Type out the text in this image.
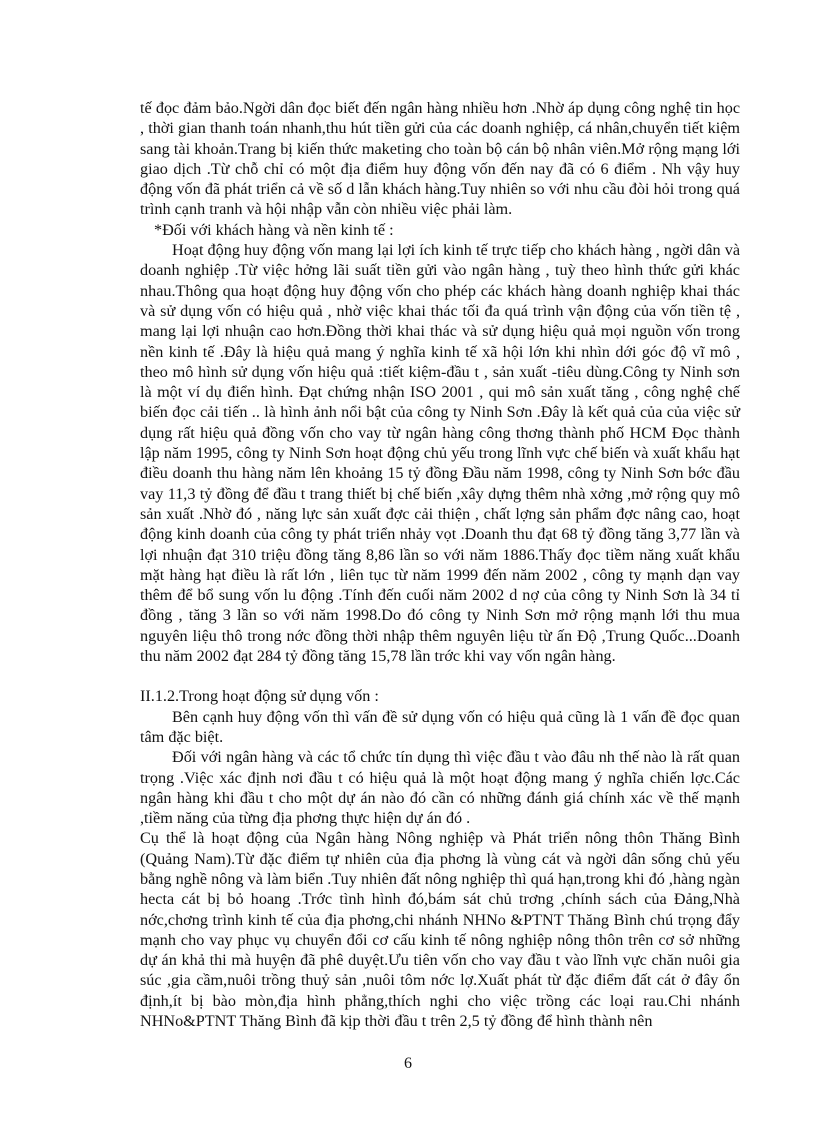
tế đọc đảm bảo.Ngời dân đọc biết đến ngân hàng nhiều hơn .Nhờ áp dụng công nghệ tin học , thời gian thanh toán nhanh,thu hút tiền gửi của các doanh nghiệp, cá nhân,chuyển tiết kiệm sang tài khoản.Trang bị kiến thức maketing cho toàn bộ cán bộ nhân viên.Mở rộng mạng lới giao dịch .Từ chỗ chỉ có một địa điểm huy động vốn đến nay đã có 6 điểm . Nh vậy huy động vốn đã phát triển cả về số d lẫn khách hàng.Tuy nhiên so với nhu cầu đòi hỏi trong quá trình cạnh tranh và hội nhập vẫn còn nhiều việc phải làm.

*Đối với khách hàng và nền kinh tế :

Hoạt động huy động vốn mang lại lợi ích kinh tế trực tiếp cho khách hàng , ngời dân và doanh nghiệp .Từ việc hởng lãi suất tiền gửi vào ngân hàng , tuỳ theo hình thức gửi khác nhau.Thông qua hoạt động huy động vốn cho phép các khách hàng doanh nghiệp khai thác và sử dụng vốn có hiệu quả , nhờ việc khai thác tối đa quá trình vận động của vốn tiền tệ , mang lại lợi nhuận cao hơn.Đồng thời khai thác và sử dụng hiệu quả mọi nguồn vốn trong nền kinh tế .Đây là hiệu quả mang ý nghĩa kinh tế xã hội lớn khi nhìn dới góc độ vĩ mô , theo mô hình sử dụng vốn hiệu quả :tiết kiệm-đầu t , sản xuất -tiêu dùng.Công ty Ninh sơn là một ví dụ điển hình. Đạt chứng nhận ISO 2001 , qui mô sản xuất tăng , công nghệ chế biến đọc cải tiến .. là hình ảnh nổi bật của công ty Ninh Sơn .Đây là kết quả của của việc sử dụng rất hiệu quả đồng vốn cho vay từ ngân hàng công thơng thành phố HCM Đọc thành lập năm 1995, công ty Ninh Sơn hoạt động chủ yếu trong lĩnh vực chế biến và xuất khẩu hạt điều doanh thu hàng năm lên khoảng 15 tỷ đồng Đầu năm 1998, công ty Ninh Sơn bớc đầu vay 11,3 tỷ đồng để đầu t trang thiết bị chế biến ,xây dựng thêm nhà xởng ,mở rộng quy mô sản xuất .Nhờ đó , năng lực sản xuất đợc cải thiện , chất lợng sản phẩm đợc nâng cao, hoạt động kinh doanh của công ty phát triển nhảy vọt .Doanh thu đạt 68 tỷ đồng tăng 3,77 lần và lợi nhuận đạt 310 triệu đồng tăng 8,86 lần so với năm 1886.Thấy đọc tiềm năng xuất khẩu mặt hàng hạt điều là rất lớn , liên tục từ năm 1999 đến năm 2002 , công ty mạnh dạn vay thêm để bổ sung vốn lu động .Tính đến cuối năm 2002 d nợ của công ty Ninh Sơn là 34 tỉ đồng , tăng 3 lần so với năm 1998.Do đó công ty Ninh Sơn mở rộng mạnh lới thu mua nguyên liệu thô trong nớc đồng thời nhập thêm nguyên liệu từ ấn Độ ,Trung Quốc...Doanh thu năm 2002 đạt 284 tỷ đồng tăng 15,78 lần trớc khi vay vốn ngân hàng.

II.1.2.Trong hoạt động sử dụng vốn :

Bên cạnh huy động vốn thì vấn đề sử dụng vốn có hiệu quả cũng là 1 vấn đề đọc quan tâm đặc biệt.

Đối với ngân hàng và các tổ chức tín dụng thì việc đầu t vào đâu nh thế nào là rất quan trọng .Việc xác định nơi đầu t có hiệu quả là một hoạt động mang ý nghĩa chiến lợc.Các ngân hàng khi đầu t cho một dự án nào đó cần có những đánh giá chính xác về thế mạnh ,tiềm năng của từng địa phơng thực hiện dự án đó .

Cụ thể là hoạt động của Ngân hàng Nông nghiệp và Phát triển nông thôn Thăng Bình (Quảng Nam).Từ đặc điểm tự nhiên của địa phơng là vùng cát và ngời dân sống chủ yếu bằng nghề nông và làm biển .Tuy nhiên đất nông nghiệp thì quá hạn,trong khi đó ,hàng ngàn hecta cát bị bỏ hoang .Trớc tình hình đó,bám sát chủ trơng ,chính sách của Đảng,Nhà nớc,chơng trình kinh tế của địa phơng,chi nhánh NHNo &PTNT Thăng Bình chú trọng đẩy mạnh cho vay phục vụ chuyển đổi cơ cấu kinh tế nông nghiệp nông thôn trên cơ sở những dự án khả thi mà huyện đã phê duyệt.Ưu tiên vốn cho vay đầu t vào lĩnh vực chăn nuôi gia súc ,gia cầm,nuôi trồng thuỷ sản ,nuôi tôm nớc lợ.Xuất phát từ đặc điểm đất cát ở đây ổn định,ít bị bào mòn,địa hình phẳng,thích nghi cho việc trồng các loại rau.Chi nhánh NHNo&PTNT Thăng Bình đã kịp thời đầu t trên 2,5 tỷ đồng để hình thành nên

6
